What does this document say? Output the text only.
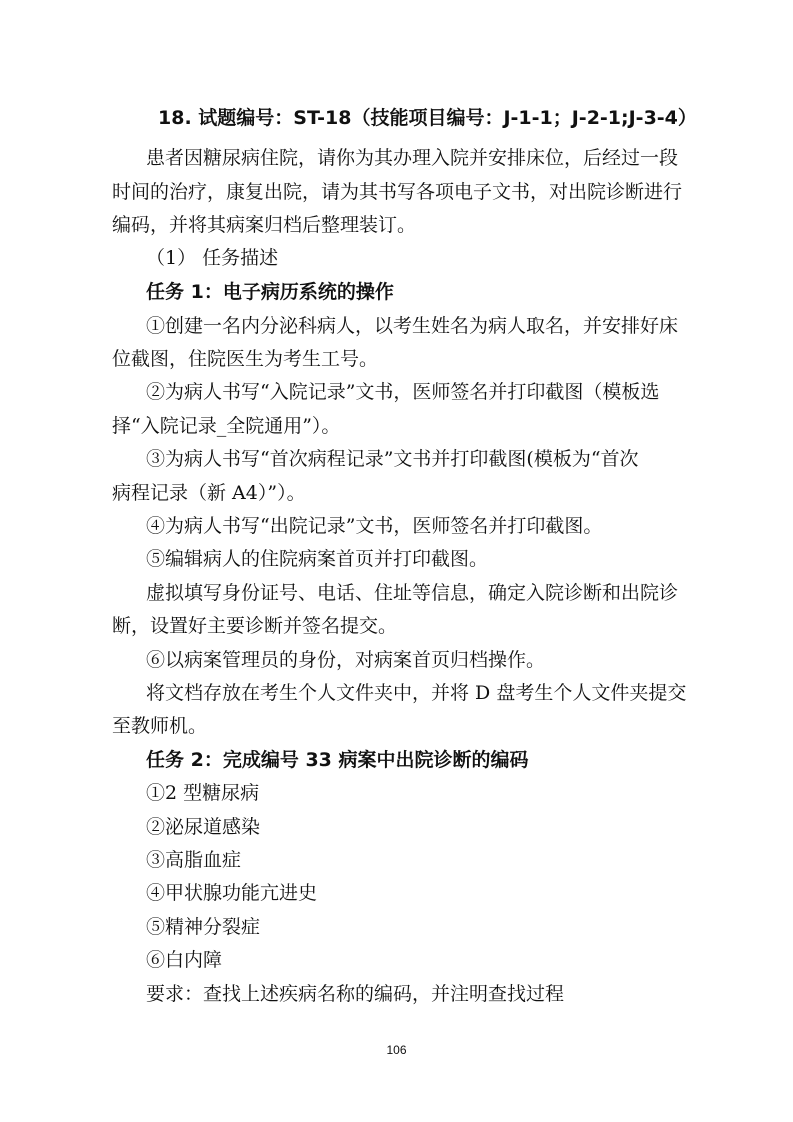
18. 试题编号：ST-18（技能项目编号：J-1-1；J-2-1;J-3-4）
患者因糖尿病住院，请你为其办理入院并安排床位，后经过一段
时间的治疗，康复出院，请为其书写各项电子文书，对出院诊断进行
编码，并将其病案归档后整理装订。
（1） 任务描述
任务 1：电子病历系统的操作
①创建一名内分泌科病人，以考生姓名为病人取名，并安排好床
位截图，住院医生为考生工号。
②为病人书写“入院记录”文书，医师签名并打印截图（模板选
择“入院记录_全院通用”）。
③为病人书写“首次病程记录”文书并打印截图(模板为“首次
病程记录（新 A4）”）。
④为病人书写“出院记录”文书，医师签名并打印截图。
⑤编辑病人的住院病案首页并打印截图。
虚拟填写身份证号、电话、住址等信息，确定入院诊断和出院诊
断，设置好主要诊断并签名提交。
⑥以病案管理员的身份，对病案首页归档操作。
将文档存放在考生个人文件夹中，并将 D 盘考生个人文件夹提交
至教师机。
任务 2：完成编号 33 病案中出院诊断的编码
①2 型糖尿病
②泌尿道感染
③高脂血症
④甲状腺功能亢进史
⑤精神分裂症
⑥白内障
要求：查找上述疾病名称的编码，并注明查找过程
106
